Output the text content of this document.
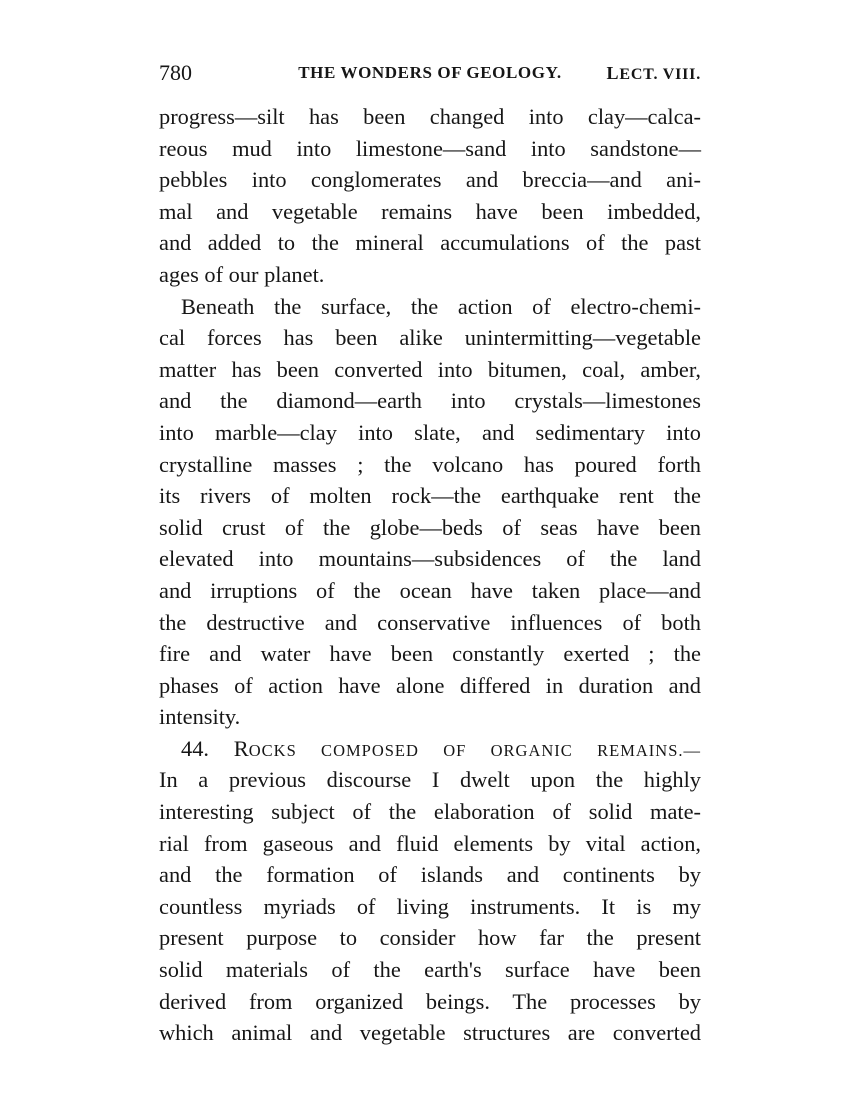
780	THE WONDERS OF GEOLOGY.	LECT. VIII.
progress—silt has been changed into clay—calca-
reous mud into limestone—sand into sandstone—
pebbles into conglomerates and breccia—and ani-
mal and vegetable remains have been imbedded,
and added to the mineral accumulations of the past
ages of our planet.
Beneath the surface, the action of electro-chemi-
cal forces has been alike unintermitting—vegetable
matter has been converted into bitumen, coal, amber,
and the diamond—earth into crystals—limestones
into marble—clay into slate, and sedimentary into
crystalline masses ; the volcano has poured forth
its rivers of molten rock—the earthquake rent the
solid crust of the globe—beds of seas have been
elevated into mountains—subsidences of the land
and irruptions of the ocean have taken place—and
the destructive and conservative influences of both
fire and water have been constantly exerted ; the
phases of action have alone differed in duration and
intensity.
44. ROCKS COMPOSED OF ORGANIC REMAINS.—
In a previous discourse I dwelt upon the highly
interesting subject of the elaboration of solid mate-
rial from gaseous and fluid elements by vital action,
and the formation of islands and continents by
countless myriads of living instruments. It is my
present purpose to consider how far the present
solid materials of the earth's surface have been
derived from organized beings. The processes by
which animal and vegetable structures are converted
